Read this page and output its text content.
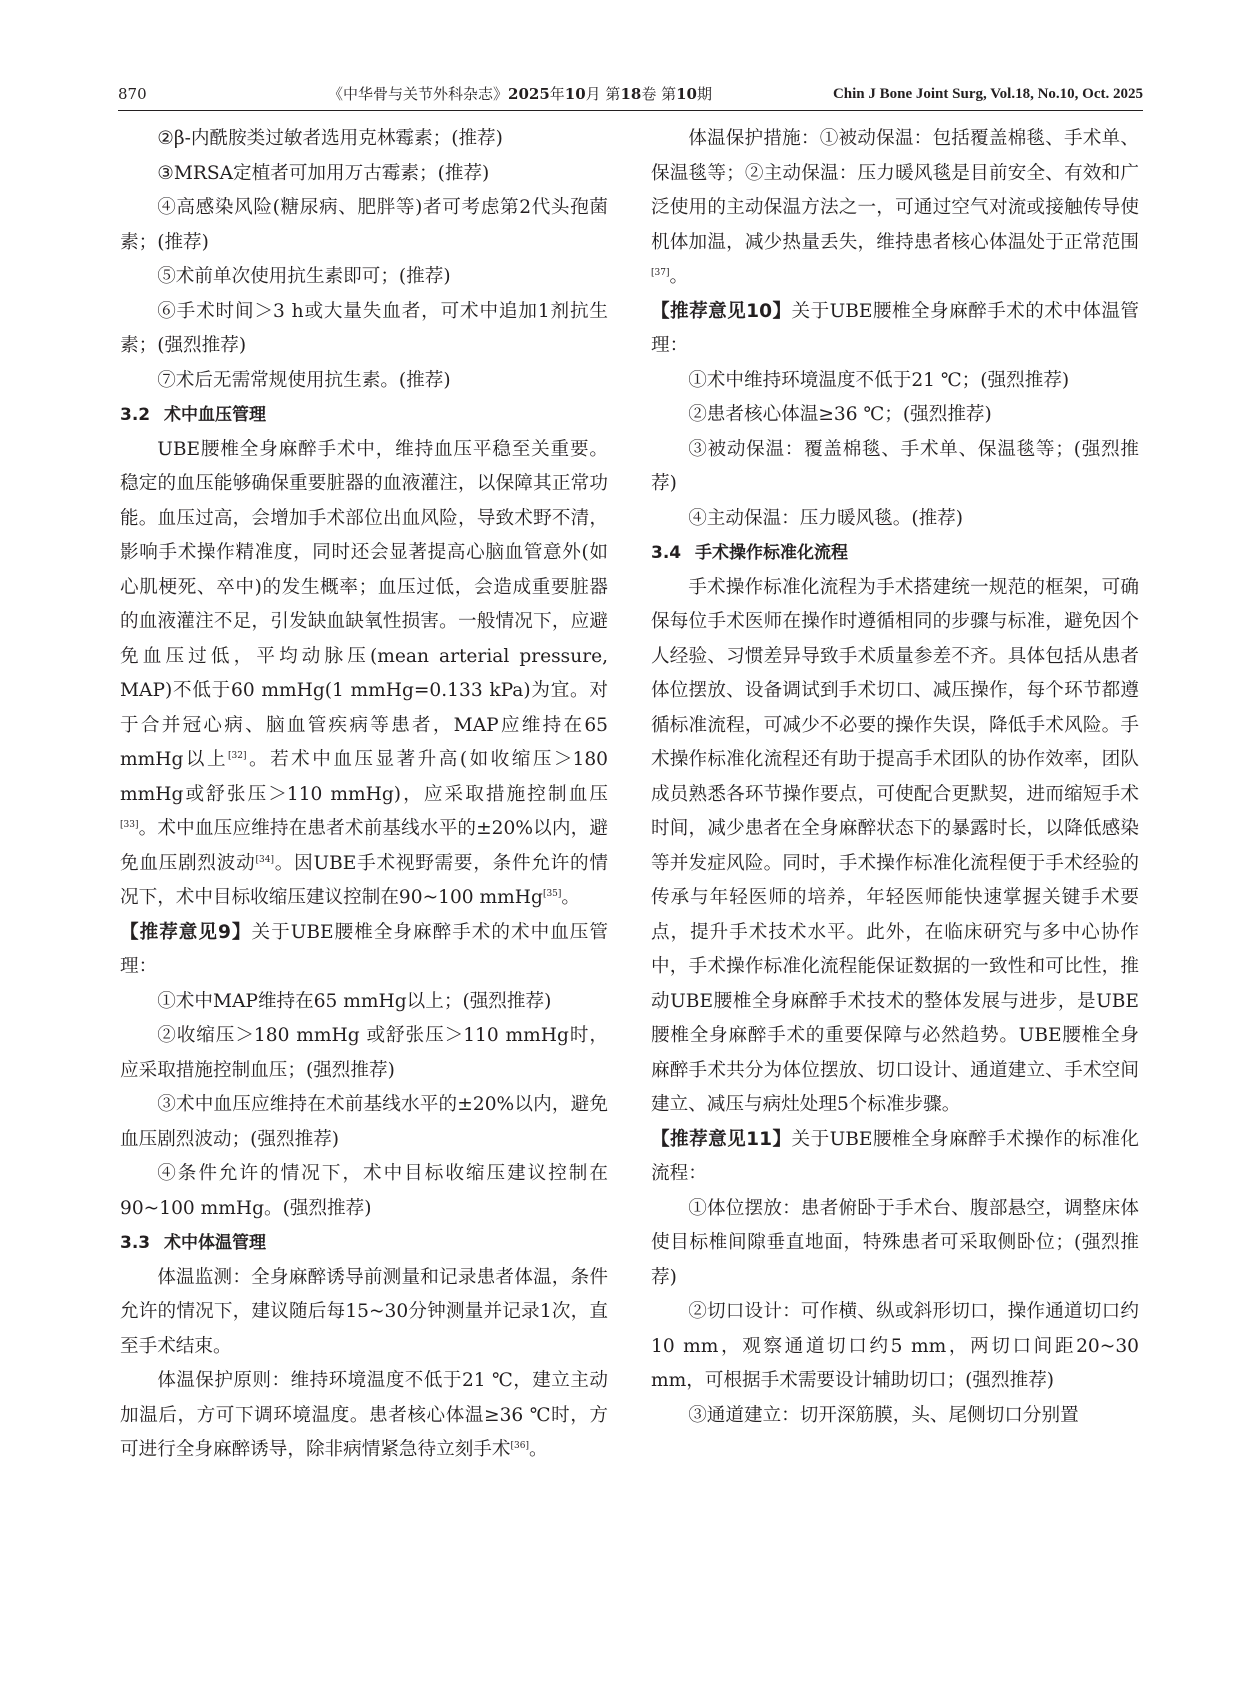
870	《中华骨与关节外科杂志》2025年10月 第18卷 第10期	Chin J Bone Joint Surg, Vol.18, No.10, Oct. 2025

②β-内酰胺类过敏者选用克林霉素；(推荐)

③MRSA定植者可加用万古霉素；(推荐)

④高感染风险(糖尿病、肥胖等)者可考虑第2代头孢菌素；(推荐)

⑤术前单次使用抗生素即可；(推荐)

⑥手术时间＞3 h或大量失血者，可术中追加1剂抗生素；(强烈推荐)

⑦术后无需常规使用抗生素。(推荐)

3.2 术中血压管理

UBE腰椎全身麻醉手术中，维持血压平稳至关重要。稳定的血压能够确保重要脏器的血液灌注，以保障其正常功能。血压过高，会增加手术部位出血风险，导致术野不清，影响手术操作精准度，同时还会显著提高心脑血管意外(如心肌梗死、卒中)的发生概率；血压过低，会造成重要脏器的血液灌注不足，引发缺血缺氧性损害。一般情况下，应避免血压过低，平均动脉压(mean arterial pressure, MAP)不低于60 mmHg(1 mmHg=0.133 kPa)为宜。对于合并冠心病、脑血管疾病等患者，MAP应维持在65 mmHg以上[32]。若术中血压显著升高(如收缩压＞180 mmHg或舒张压＞110 mmHg)，应采取措施控制血压[33]。术中血压应维持在患者术前基线水平的±20%以内，避免血压剧烈波动[34]。因UBE手术视野需要，条件允许的情况下，术中目标收缩压建议控制在90~100 mmHg[35]。

【推荐意见9】关于UBE腰椎全身麻醉手术的术中血压管理：

①术中MAP维持在65 mmHg以上；(强烈推荐)

②收缩压＞180 mmHg 或舒张压＞110 mmHg时，应采取措施控制血压；(强烈推荐)

③术中血压应维持在术前基线水平的±20%以内，避免血压剧烈波动；(强烈推荐)

④条件允许的情况下，术中目标收缩压建议控制在90~100 mmHg。(强烈推荐)

3.3 术中体温管理

体温监测：全身麻醉诱导前测量和记录患者体温，条件允许的情况下，建议随后每15~30分钟测量并记录1次，直至手术结束。

体温保护原则：维持环境温度不低于21 ℃，建立主动加温后，方可下调环境温度。患者核心体温≥36 ℃时，方可进行全身麻醉诱导，除非病情紧急待立刻手术[36]。

体温保护措施：①被动保温：包括覆盖棉毯、手术单、保温毯等；②主动保温：压力暖风毯是目前安全、有效和广泛使用的主动保温方法之一，可通过空气对流或接触传导使机体加温，减少热量丢失，维持患者核心体温处于正常范围[37]。

【推荐意见10】关于UBE腰椎全身麻醉手术的术中体温管理：

①术中维持环境温度不低于21 ℃；(强烈推荐)

②患者核心体温≥36 ℃；(强烈推荐)

③被动保温：覆盖棉毯、手术单、保温毯等；(强烈推荐)

④主动保温：压力暖风毯。(推荐)

3.4 手术操作标准化流程

手术操作标准化流程为手术搭建统一规范的框架，可确保每位手术医师在操作时遵循相同的步骤与标准，避免因个人经验、习惯差异导致手术质量参差不齐。具体包括从患者体位摆放、设备调试到手术切口、减压操作，每个环节都遵循标准流程，可减少不必要的操作失误，降低手术风险。手术操作标准化流程还有助于提高手术团队的协作效率，团队成员熟悉各环节操作要点，可使配合更默契，进而缩短手术时间，减少患者在全身麻醉状态下的暴露时长，以降低感染等并发症风险。同时，手术操作标准化流程便于手术经验的传承与年轻医师的培养，年轻医师能快速掌握关键手术要点，提升手术技术水平。此外，在临床研究与多中心协作中，手术操作标准化流程能保证数据的一致性和可比性，推动UBE腰椎全身麻醉手术技术的整体发展与进步，是UBE腰椎全身麻醉手术的重要保障与必然趋势。UBE腰椎全身麻醉手术共分为体位摆放、切口设计、通道建立、手术空间建立、减压与病灶处理5个标准步骤。

【推荐意见11】关于UBE腰椎全身麻醉手术操作的标准化流程：

①体位摆放：患者俯卧于手术台、腹部悬空，调整床体使目标椎间隙垂直地面，特殊患者可采取侧卧位；(强烈推荐)

②切口设计：可作横、纵或斜形切口，操作通道切口约10 mm，观察通道切口约5 mm，两切口间距20~30 mm，可根据手术需要设计辅助切口；(强烈推荐)

③通道建立：切开深筋膜，头、尾侧切口分别置
